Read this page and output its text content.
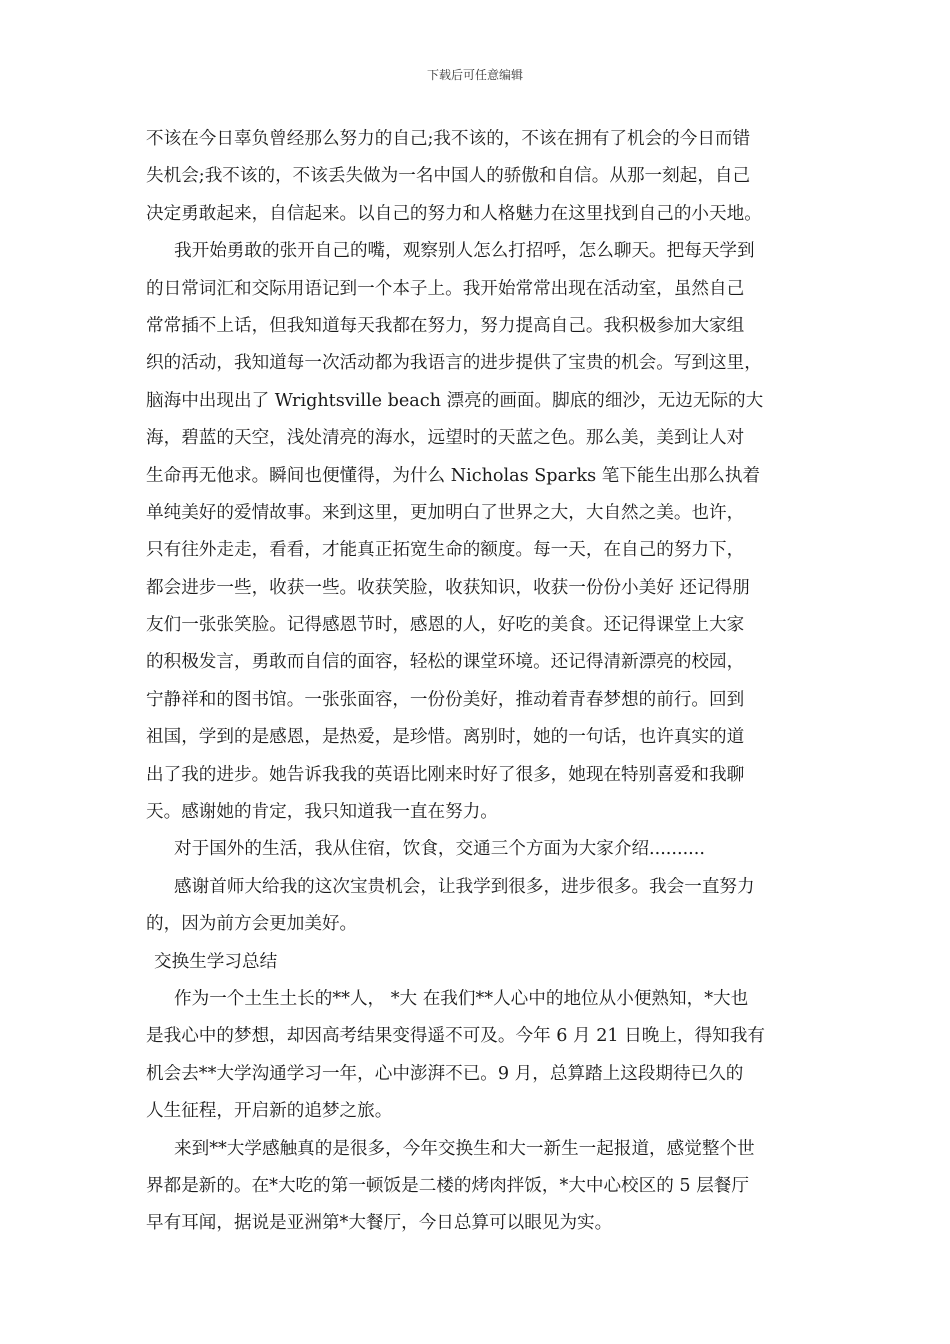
下载后可任意编辑
不该在今日辜负曾经那么努力的自己;我不该的，不该在拥有了机会的今日而错
失机会;我不该的，不该丢失做为一名中国人的骄傲和自信。从那一刻起，自己
决定勇敢起来，自信起来。以自己的努力和人格魅力在这里找到自己的小天地。
我开始勇敢的张开自己的嘴，观察别人怎么打招呼，怎么聊天。把每天学到
的日常词汇和交际用语记到一个本子上。我开始常常出现在活动室，虽然自己
常常插不上话，但我知道每天我都在努力，努力提高自己。我积极参加大家组
织的活动，我知道每一次活动都为我语言的进步提供了宝贵的机会。写到这里，
脑海中出现出了 Wrightsville beach 漂亮的画面。脚底的细沙，无边无际的大
海，碧蓝的天空，浅处清亮的海水，远望时的天蓝之色。那么美，美到让人对
生命再无他求。瞬间也便懂得，为什么 Nicholas Sparks 笔下能生出那么执着
单纯美好的爱情故事。来到这里，更加明白了世界之大，大自然之美。也许，
只有往外走走，看看，才能真正拓宽生命的额度。每一天，在自己的努力下，
都会进步一些，收获一些。收获笑脸，收获知识，收获一份份小美好 还记得朋
友们一张张笑脸。记得感恩节时，感恩的人，好吃的美食。还记得课堂上大家
的积极发言，勇敢而自信的面容，轻松的课堂环境。还记得清新漂亮的校园，
宁静祥和的图书馆。一张张面容，一份份美好，推动着青春梦想的前行。回到
祖国，学到的是感恩，是热爱，是珍惜。离别时，她的一句话，也许真实的道
出了我的进步。她告诉我我的英语比刚来时好了很多，她现在特别喜爱和我聊
天。感谢她的肯定，我只知道我一直在努力。
对于国外的生活，我从住宿，饮食，交通三个方面为大家介绍..........
感谢首师大给我的这次宝贵机会，让我学到很多，进步很多。我会一直努力
的，因为前方会更加美好。
交换生学习总结
作为一个土生土长的**人， *大 在我们**人心中的地位从小便熟知，*大也
是我心中的梦想，却因高考结果变得遥不可及。今年 6 月 21 日晚上，得知我有
机会去**大学沟通学习一年，心中澎湃不已。9 月，总算踏上这段期待已久的
人生征程，开启新的追梦之旅。
来到**大学感触真的是很多，今年交换生和大一新生一起报道，感觉整个世
界都是新的。在*大吃的第一顿饭是二楼的烤肉拌饭，*大中心校区的 5 层餐厅
早有耳闻，据说是亚洲第*大餐厅，今日总算可以眼见为实。
